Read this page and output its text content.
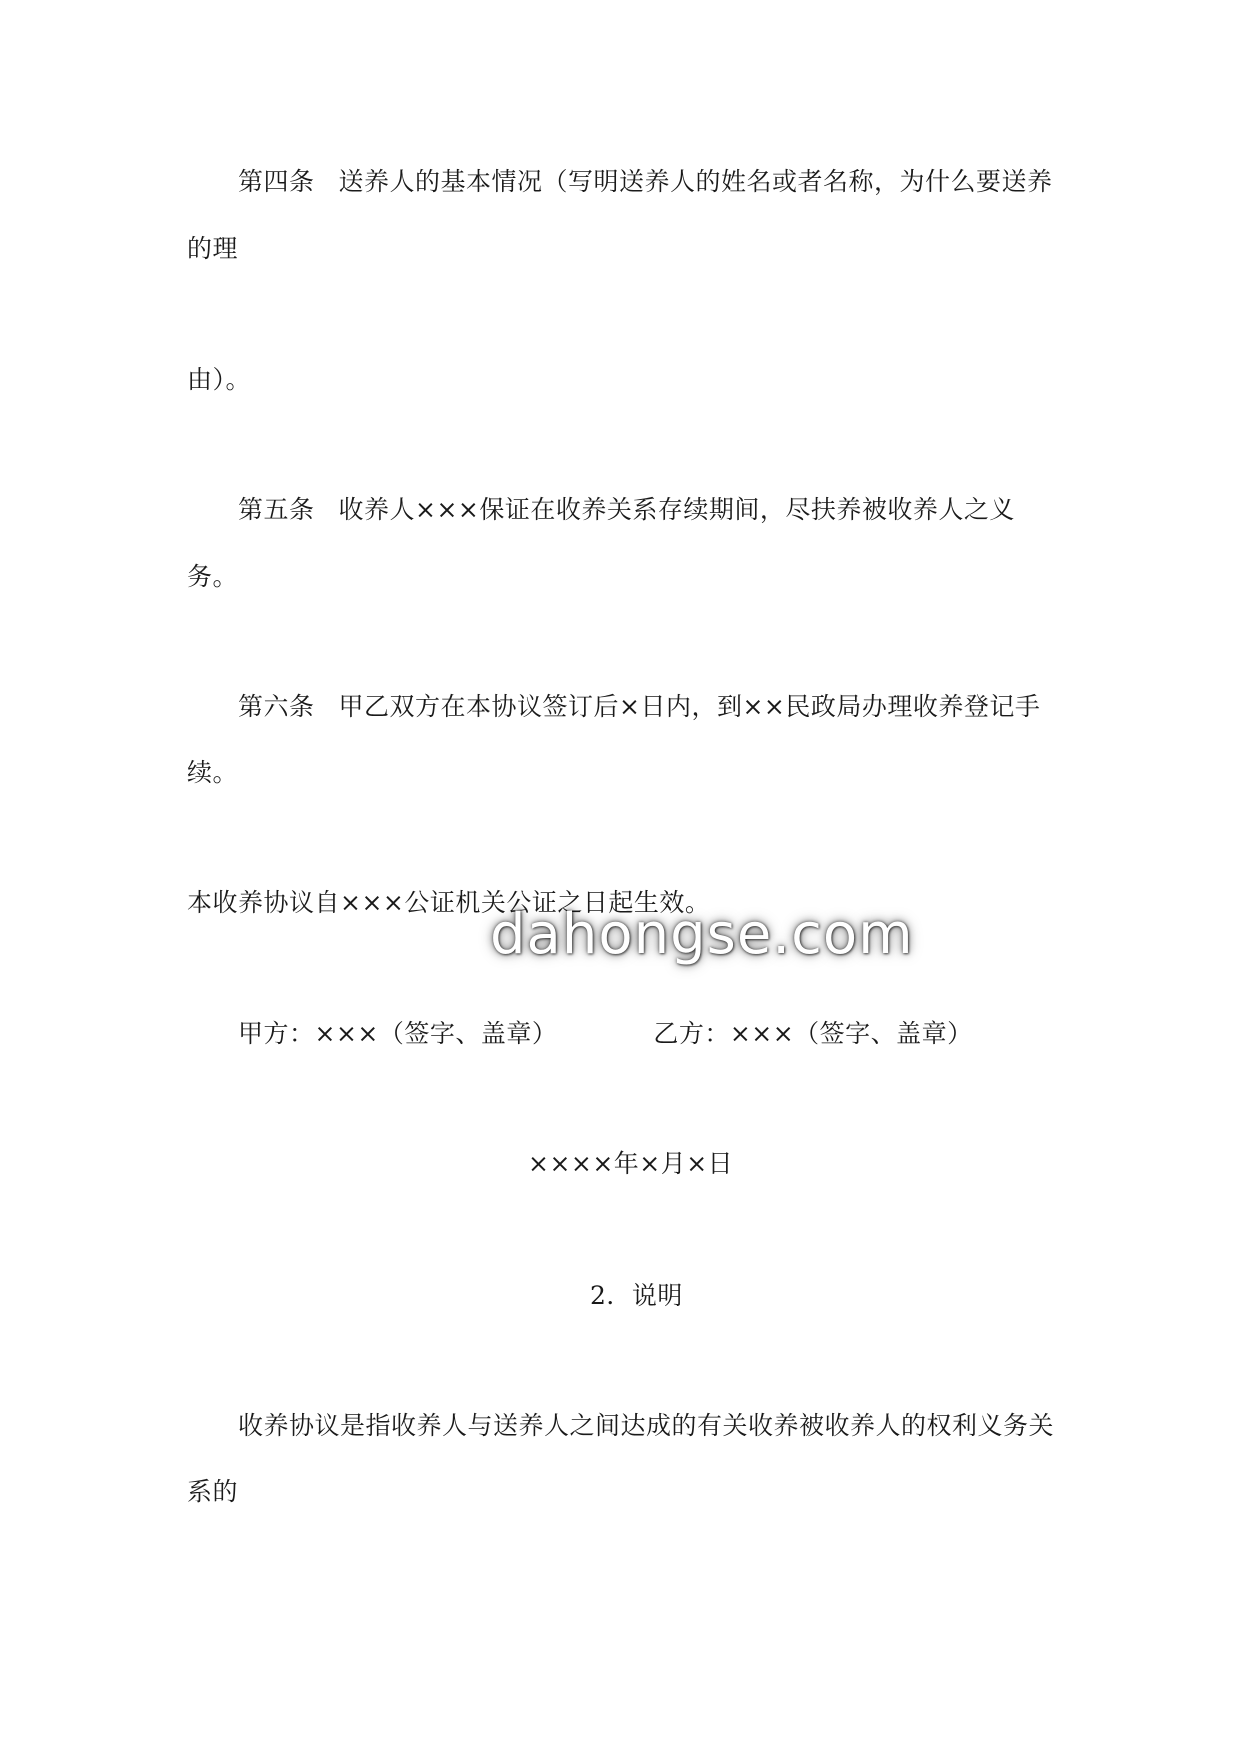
第四条 送养人的基本情况（写明送养人的姓名或者名称，为什么要送养
的理
由）。
第五条 收养人×××保证在收养关系存续期间，尽扶养被收养人之义
务。
第六条 甲乙双方在本协议签订后×日内，到××民政局办理收养登记手
续。
本收养协议自×××公证机关公证之日起生效。
甲方：×××（签字、盖章）	乙方：×××（签字、盖章）
××××年×月×日
2．说明
收养协议是指收养人与送养人之间达成的有关收养被收养人的权利义务关
系的
dahongse.com
